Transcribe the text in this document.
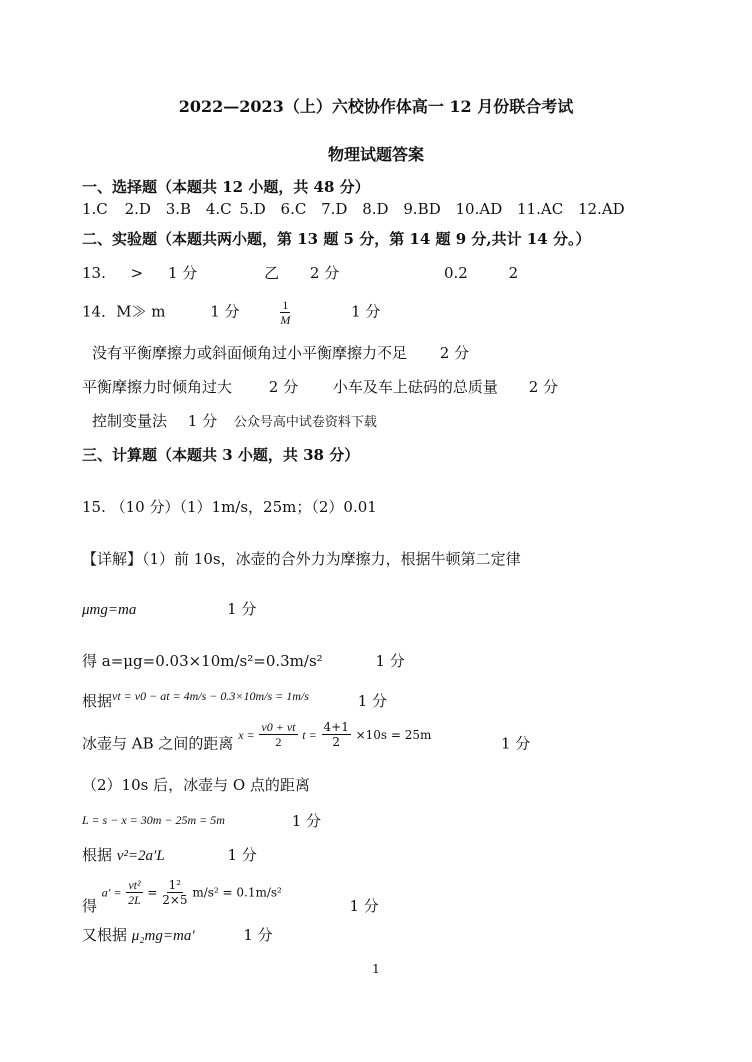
2022—2023（上）六校协作体高一 12 月份联合考试
物理试题答案
一、选择题（本题共 12 小题，共 48 分）
1.C 2.D 3.B 4.C 5.D 6.C 7.D 8.D 9.BD 10.AD 11.AC 12.AD
二、实验题（本题共两小题，第 13 题 5 分，第 14 题 9 分,共计 14 分。）
13. > 1 分	乙 2 分	0.2	2
14．M≫ m	1 分	$\frac{1}{M}$	1 分
没有平衡摩擦力或斜面倾角过小平衡摩擦力不足 2 分
平衡摩擦力时倾角过大 2 分 小车及车上砝码的总质量 2 分
控制变量法 1 分 公众号高中试卷资料下载
三、计算题（本题共 3 小题，共 38 分）
15. （10 分）（1）1m/s，25m；（2）0.01
【详解】（1）前 10s，冰壶的合外力为摩擦力，根据牛顿第二定律
μmg=ma	1 分
得 a=μg=0.03×10m/s²=0.3m/s²	1 分
根据$^{vt = v0 - at = 4m/s - 0.3\times 10m/s = 1m/s}$	1 分
冰壶与 AB 之间的距离 $^{x =} \frac{v0 + vt}{2} ^{t =} \frac{4+1}{2} ^{\times 10s = 25m}$	1 分
（2）10s 后，冰壶与 O 点的距离
L = s − x = 30m − 25m = 5m	1 分
根据 v²=2a′L	1 分
得 $a' = \frac{\text{vt²}}{2L} = \frac{\text{1²}}{2\times 5} m/s^2 = 0.1m/s^2$  1 分
又根据 μ₂mg=ma′	1 分
1
